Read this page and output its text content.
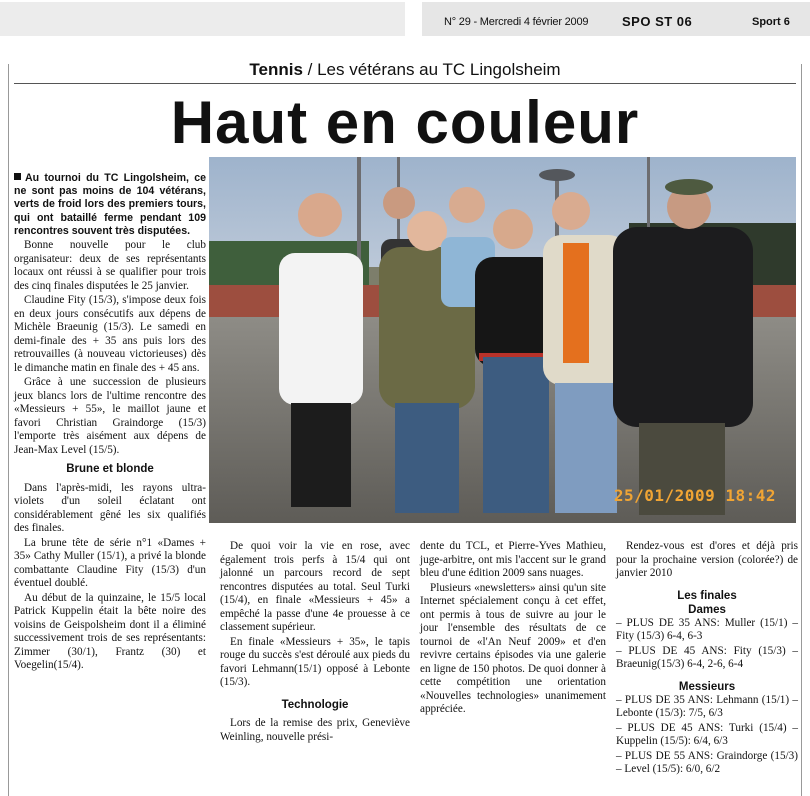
N° 29 - Mercredi 4 février 2009	SPO ST 06	Sport 6
Tennis / Les vétérans au TC Lingolsheim
Haut en couleur

Au tournoi du TC Lingolsheim, ce ne sont pas moins de 104 vétérans, verts de froid lors des premiers tours, qui ont bataillé ferme pendant 109 rencontres souvent très disputées.

Bonne nouvelle pour le club organisateur: deux de ses représentants locaux ont réussi à se qualifier pour trois des cinq finales disputées le 25 janvier.

Claudine Fity (15/3), s'impose deux fois en deux jours consécutifs aux dépens de Michèle Braeunig (15/3). Le samedi en demi-finale des + 35 ans puis lors des retrouvailles (à nouveau victorieuses) dès le dimanche matin en finale des + 45 ans.

Grâce à une succession de plusieurs jeux blancs lors de l'ultime rencontre des «Messieurs + 55», le maillot jaune et favori Christian Graindorge (15/3) l'emporte très aisément aux dépens de Jean-Max Level (15/5).

Brune et blonde

Dans l'après-midi, les rayons ultra-violets d'un soleil éclatant ont considérablement gêné les six qualifiés des finales.

La brune tête de série n°1 «Dames + 35» Cathy Muller (15/1), a privé la blonde combattante Claudine Fity (15/3) d'un éventuel doublé.

Au début de la quinzaine, le 15/5 local Patrick Kuppelin était la bête noire des voisins de Geispolsheim dont il a éliminé successivement trois de ses représentants: Zimmer (30/1), Frantz (30) et Voegelin(15/4).

25/01/2009 18:42

De quoi voir la vie en rose, avec également trois perfs à 15/4 qui ont jalonné un parcours record de sept rencontres disputées au total. Seul Turki (15/4), en finale «Messieurs + 45» a empêché la passe d'une 4e prouesse à ce classement supérieur.

En finale «Messieurs + 35», le tapis rouge du succès s'est déroulé aux pieds du favori Lehmann(15/1) opposé à Lebonte (15/3).

Technologie

Lors de la remise des prix, Geneviève Weinling, nouvelle prési-

dente du TCL, et Pierre-Yves Mathieu, juge-arbitre, ont mis l'accent sur le grand bleu d'une édition 2009 sans nuages.

Plusieurs «newsletters» ainsi qu'un site Internet spécialement conçu à cet effet, ont permis à tous de suivre au jour le jour l'ensemble des résultats de ce tournoi de «l'An Neuf 2009» et d'en revivre certains épisodes via une galerie en ligne de 150 photos. De quoi donner à cette compétition une orientation «Nouvelles technologies» unanimement appréciée.

Rendez-vous est d'ores et déjà pris pour la prochaine version (colorée?) de janvier 2010

Les finales
Dames

– PLUS DE 35 ANS: Muller (15/1) – Fity (15/3) 6-4, 6-3

– PLUS DE 45 ANS: Fity (15/3) – Braeunig(15/3) 6-4, 2-6, 6-4

Messieurs

– PLUS DE 35 ANS: Lehmann (15/1) – Lebonte (15/3): 7/5, 6/3

– PLUS DE 45 ANS: Turki (15/4) – Kuppelin (15/5): 6/4, 6/3

– PLUS DE 55 ANS: Graindorge (15/3) – Level (15/5): 6/0, 6/2
